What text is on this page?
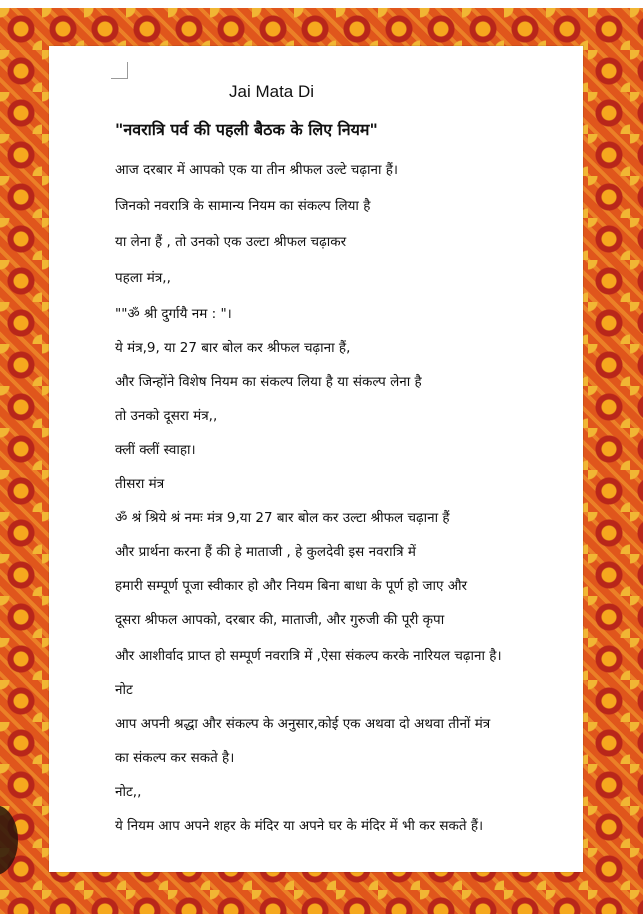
Jai Mata Di
"नवरात्रि पर्व की पहली बैठक के लिए नियम"
आज दरबार में आपको एक या तीन श्रीफल उल्टे चढ़ाना हैं।
जिनको नवरात्रि के सामान्य नियम का संकल्प लिया है
या लेना हैं , तो उनको एक उल्टा श्रीफल चढ़ाकर
पहला मंत्र,,
""ॐ श्री दुर्गायै नम : "।
ये मंत्र,9, या 27 बार बोल कर श्रीफल चढ़ाना हैं,
और जिन्होंने विशेष नियम का संकल्प लिया है या संकल्प लेना है
तो उनको दूसरा मंत्र,,
क्लीं क्लीं स्वाहा।
तीसरा मंत्र
ॐ श्रं श्रिये श्रं नमः मंत्र 9,या 27 बार बोल कर उल्टा श्रीफल चढ़ाना हैं
और प्रार्थना करना हैं की हे माताजी , हे कुलदेवी इस नवरात्रि में
हमारी सम्पूर्ण पूजा स्वीकार हो और नियम बिना बाधा के पूर्ण हो जाए और
दूसरा श्रीफल आपको, दरबार की, माताजी, और गुरुजी की पूरी कृपा
और आशीर्वाद प्राप्त हो सम्पूर्ण नवरात्रि में ,ऐसा संकल्प करके नारियल चढ़ाना है।
नोट
आप अपनी श्रद्धा और संकल्प के अनुसार,कोई एक अथवा दो अथवा तीनों मंत्र
का संकल्प कर सकते है।
नोट,,
ये नियम आप अपने शहर के मंदिर या अपने घर के मंदिर में भी कर सकते हैं।
